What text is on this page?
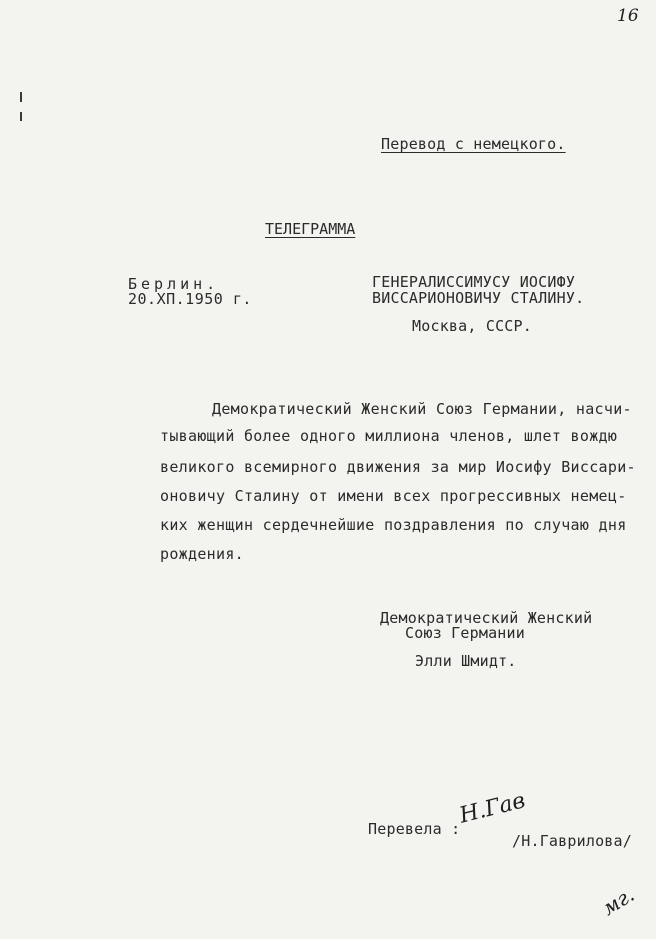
16
Перевод с немецкого.
ТЕЛЕГРАММА
Берлин.
20.ХП.1950 г.
ГЕНЕРАЛИССИМУСУ ИОСИФУ
ВИССАРИОНОВИЧУ СТАЛИНУ.
Москва, СССР.
Демократический Женский Союз Германии, насчи-
тывающий более одного миллиона членов, шлет вождю
великого всемирного движения за мир Иосифу Виссари-
оновичу Сталину от имени всех прогрессивных немец-
ких женщин сердечнейшие поздравления по случаю дня
рождения.
Демократический Женский
Союз Германии
Элли Шмидт.
Перевела :
Н.Гав
/Н.Гаврилова/
мг.
